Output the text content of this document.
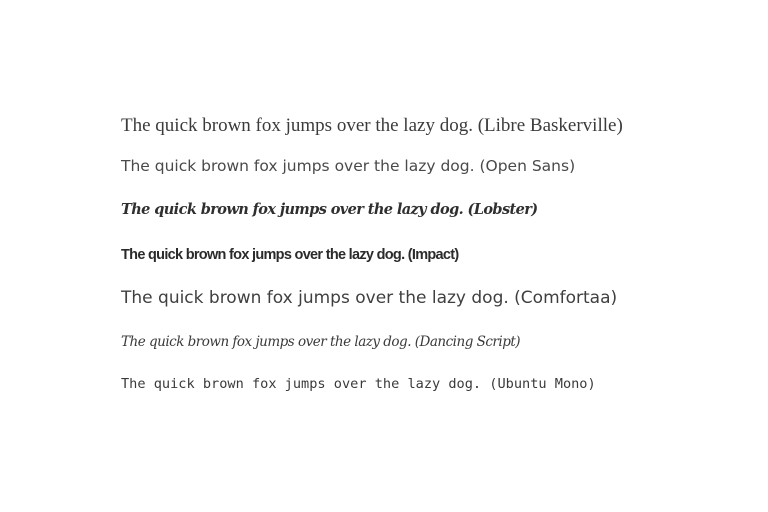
The quick brown fox jumps over the lazy dog. (Libre Baskerville)
The quick brown fox jumps over the lazy dog. (Open Sans)
The quick brown fox jumps over the lazy dog. (Lobster)
The quick brown fox jumps over the lazy dog. (Impact)
The quick brown fox jumps over the lazy dog. (Comfortaa)
The quick brown fox jumps over the lazy dog. (Dancing Script)
The quick brown fox jumps over the lazy dog. (Ubuntu Mono)
